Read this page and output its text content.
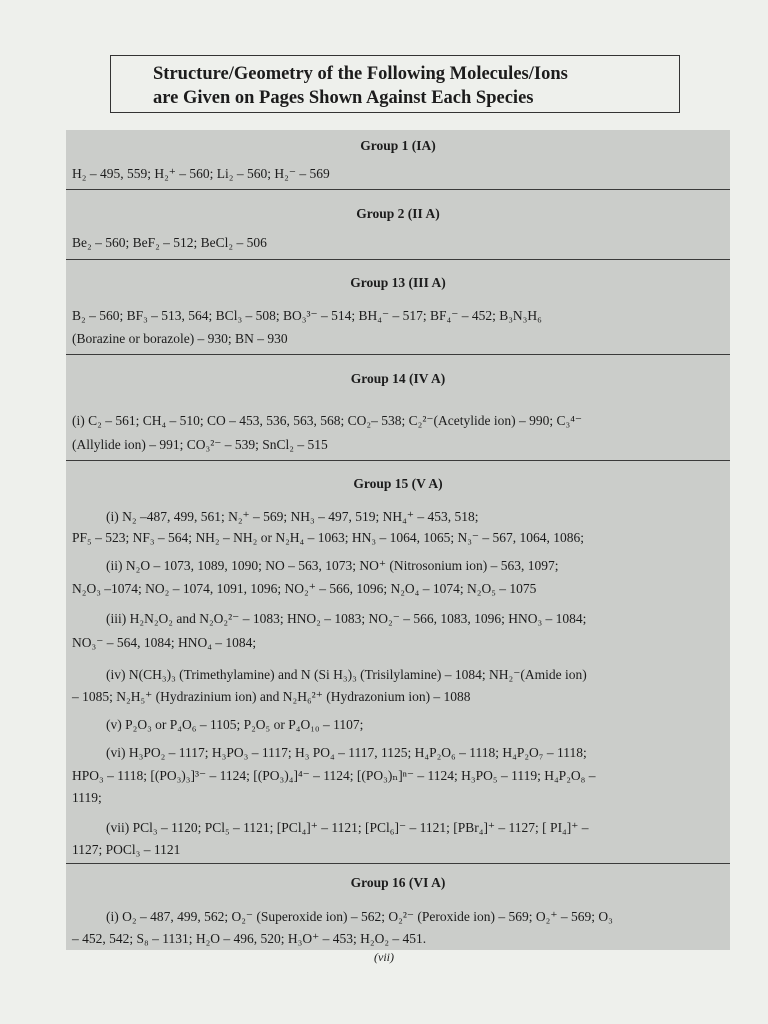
Structure/Geometry of the Following Molecules/Ions
are Given on Pages Shown Against Each Species
Group 1 (IA)
H₂ – 495, 559; H₂⁺ – 560; Li₂ – 560; H₂⁻ – 569
Group 2 (II A)
Be₂ – 560; BeF₂ – 512; BeCl₂ – 506
Group 13 (III A)
B₂ – 560; BF₃ – 513, 564; BCl₃ – 508; BO₃³⁻ – 514; BH₄⁻ – 517; BF₄⁻ – 452; B₃N₃H₆
(Borazine or borazole) – 930; BN – 930
Group 14 (IV A)
(i) C₂ – 561; CH₄ – 510; CO – 453, 536, 563, 568; CO₂– 538; C₂²⁻(Acetylide ion) – 990; C₃⁴⁻
(Allylide ion) – 991; CO₃²⁻ – 539; SnCl₂ – 515
Group 15 (V A)
(i) N₂ –487, 499, 561; N₂⁺ – 569; NH₃ – 497, 519; NH₄⁺ – 453, 518;
PF₅ – 523; NF₃ – 564; NH₂ – NH₂ or N₂H₄ – 1063; HN₃ – 1064, 1065; N₃⁻ – 567, 1064, 1086;
(ii) N₂O – 1073, 1089, 1090; NO – 563, 1073; NO⁺ (Nitrosonium ion) – 563, 1097;
N₂O₃ –1074; NO₂ – 1074, 1091, 1096; NO₂⁺ – 566, 1096; N₂O₄ – 1074; N₂O₅ – 1075
(iii) H₂N₂O₂ and N₂O₂²⁻ – 1083; HNO₂ – 1083; NO₂⁻ – 566, 1083, 1096; HNO₃ – 1084;
NO₃⁻ – 564, 1084; HNO₄ – 1084;
(iv) N(CH₃)₃ (Trimethylamine) and N (Si H₃)₃ (Trisilylamine) – 1084; NH₂⁻(Amide ion)
– 1085; N₂H₅⁺ (Hydrazinium ion) and N₂H₆²⁺ (Hydrazonium ion) – 1088
(v) P₂O₃ or P₄O₆ – 1105; P₂O₅ or P₄O₁₀ – 1107;
(vi) H₃PO₂ – 1117; H₃PO₃ – 1117; H₃ PO₄ – 1117, 1125; H₄P₂O₆ – 1118; H₄P₂O₇ – 1118;
HPO₃ – 1118; [(PO₃)₃]³⁻ – 1124; [(PO₃)₄]⁴⁻ – 1124; [(PO₃)ₙ]ⁿ⁻ – 1124; H₃PO₅ – 1119; H₄P₂O₈ –
1119;
(vii) PCl₃ – 1120; PCl₅ – 1121; [PCl₄]⁺ – 1121; [PCl₆]⁻ – 1121; [PBr₄]⁺ – 1127; [ PI₄]⁺ –
1127; POCl₃ – 1121
Group 16 (VI A)
(i) O₂ – 487, 499, 562; O₂⁻ (Superoxide ion) – 562; O₂²⁻ (Peroxide ion) – 569; O₂⁺ – 569; O₃
– 452, 542; S₈ – 1131; H₂O – 496, 520; H₃O⁺ – 453; H₂O₂ – 451.
(vii)
